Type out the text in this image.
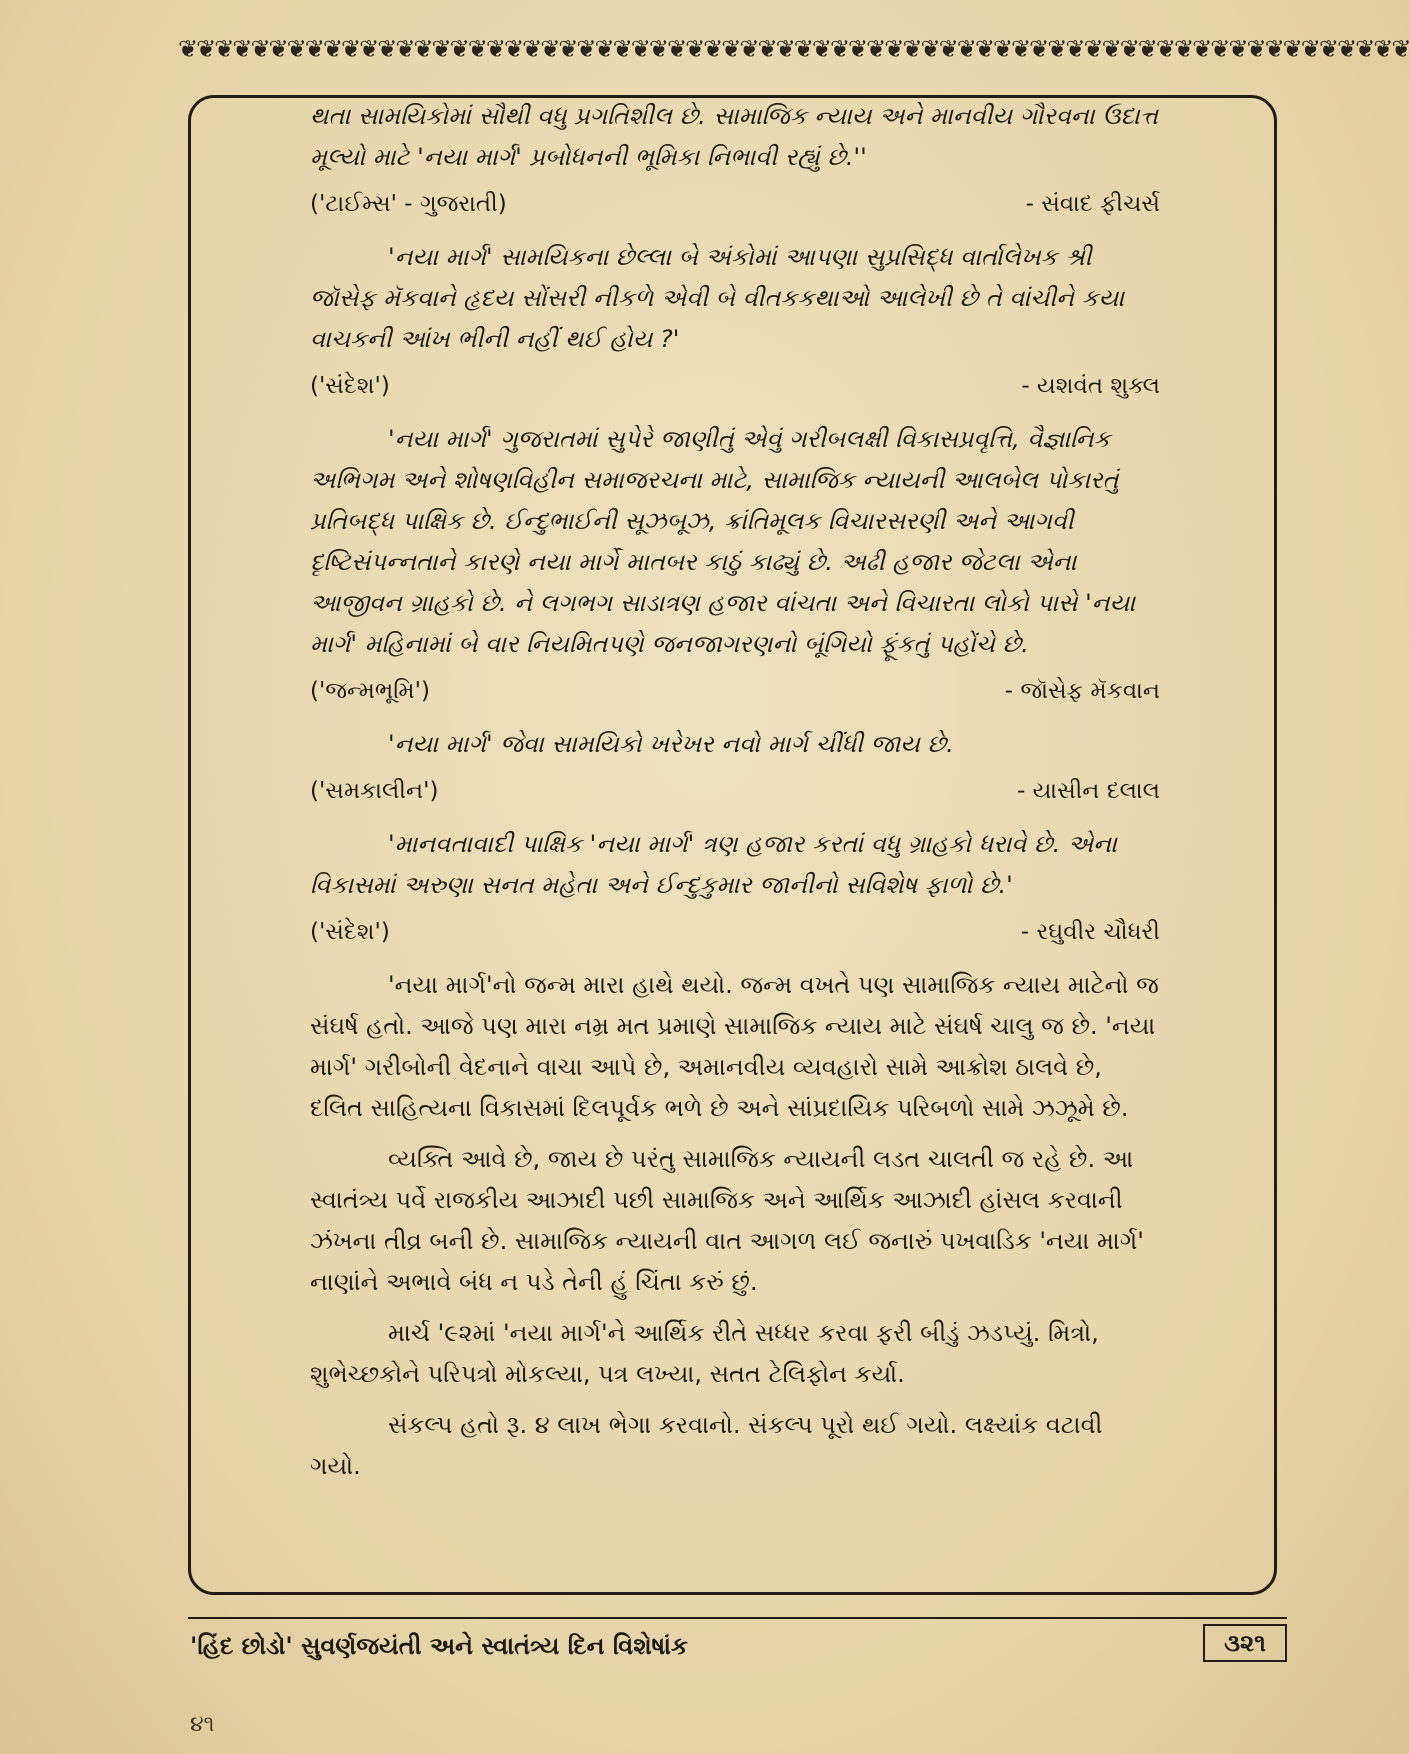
❦❦❦❦❦❦❦❦❦❦❦❦❦❦❦❦❦❦❦❦❦❦❦❦❦❦❦❦❦❦❦❦❦❦❦❦❦❦❦❦❦❦❦❦❦❦❦❦❦❦❦❦❦❦❦❦❦❦❦❦❦❦❦❦❦❦❦❦

થતા સામયિકોમાં સૌથી વધુ પ્રગતિશીલ છે. સામાજિક ન્યાય અને માનવીય ગૌરવના ઉદાત્ત મૂલ્યો માટે 'નયા માર્ગ' પ્રબોધનની ભૂમિકા નિભાવી રહ્યું છે.''

('ટાઈમ્સ' - ગુજરાતી)	- સંવાદ ફીચર્સ

'નયા માર્ગ' સામયિકના છેલ્લા બે અંકોમાં આપણા સુપ્રસિદ્ધ વાર્તાલેખક શ્રી જૉસેફ મૅકવાને હૃદય સોંસરી નીકળે એવી બે વીતકકથાઓ આલેખી છે તે વાંચીને કયા વાચકની આંખ ભીની નહીં થઈ હોય ?'

('સંદેશ')	- યશવંત શુક્લ

'નયા માર્ગ' ગુજરાતમાં સુપેરે જાણીતું એવું ગરીબલક્ષી વિકાસપ્રવૃત્તિ, વૈજ્ઞાનિક અભિગમ અને શોષણવિહીન સમાજરચના માટે, સામાજિક ન્યાયની આલબેલ પોકારતું પ્રતિબદ્ધ પાક્ષિક છે. ઈન્દુભાઈની સૂઝબૂઝ, ક્રાંતિમૂલક વિચારસરણી અને આગવી દૃષ્ટિસંપન્નતાને કારણે નયા માર્ગે માતબર કાઠું કાઢ્યું છે. અઢી હજાર જેટલા એના આજીવન ગ્રાહકો છે. ને લગભગ સાડાત્રણ હજાર વાંચતા અને વિચારતા લોકો પાસે 'નયા માર્ગ' મહિનામાં બે વાર નિયમિતપણે જનજાગરણનો બૂંગિયો ફૂંકતું પહોંચે છે.

('જન્મભૂમિ')	- જૉસેફ મૅકવાન

'નયા માર્ગ' જેવા સામયિકો ખરેખર નવો માર્ગ ચીંધી જાય છે.

('સમકાલીન')	- યાસીન દલાલ

'માનવતાવાદી પાક્ષિક 'નયા માર્ગ' ત્રણ હજાર કરતાં વધુ ગ્રાહકો ધરાવે છે. એના વિકાસમાં અરુણા સનત મહેતા અને ઈન્દુકુમાર જાનીનો સવિશેષ ફાળો છે.'

('સંદેશ')	- રઘુવીર ચૌધરી

'નયા માર્ગ'નો જન્મ મારા હાથે થયો. જન્મ વખતે પણ સામાજિક ન્યાય માટેનો જ સંઘર્ષ હતો. આજે પણ મારા નમ્ર મત પ્રમાણે સામાજિક ન્યાય માટે સંઘર્ષ ચાલુ જ છે. 'નયા માર્ગ' ગરીબોની વેદનાને વાચા આપે છે, અમાનવીય વ્યવહારો સામે આક્રોશ ઠાલવે છે, દલિત સાહિત્યના વિકાસમાં દિલપૂર્વક ભળે છે અને સાંપ્રદાયિક પરિબળો સામે ઝઝૂમે છે.

વ્યક્તિ આવે છે, જાય છે પરંતુ સામાજિક ન્યાયની લડત ચાલતી જ રહે છે. આ સ્વાતંત્ર્ય પર્વે રાજકીય આઝાદી પછી સામાજિક અને આર્થિક આઝાદી હાંસલ કરવાની ઝંખના તીવ્ર બની છે. સામાજિક ન્યાયની વાત આગળ લઈ જનારું પખવાડિક 'નયા માર્ગ' નાણાંને અભાવે બંધ ન પડે તેની હું ચિંતા કરું છું.

માર્ચ '૯૨માં 'નયા માર્ગ'ને આર્થિક રીતે સધ્ધર કરવા ફરી બીડું ઝડપ્યું. મિત્રો, શુભેચ્છકોને પરિપત્રો મોકલ્યા, પત્ર લખ્યા, સતત ટેલિફોન કર્યા.

સંકલ્પ હતો રૂ. ૪ લાખ ભેગા કરવાનો. સંકલ્પ પૂરો થઈ ગયો. લક્ષ્યાંક વટાવી ગયો.

'હિંદ છોડો' સુવર્ણજયંતી અને સ્વાતંત્ર્ય દિન વિશેષાંક	૩૨૧
૪૧
